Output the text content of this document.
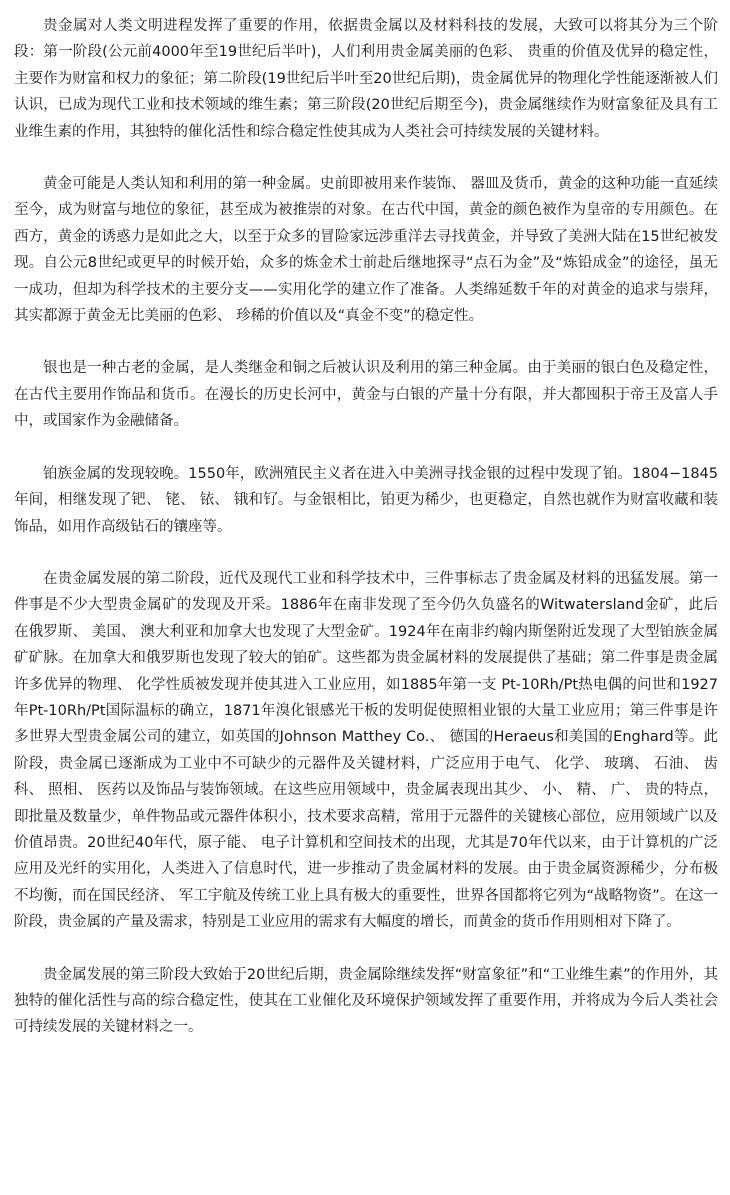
贵金属对人类文明进程发挥了重要的作用，依据贵金属以及材料科技的发展，大致可以将其分为三个阶段：第一阶段(公元前4000年至19世纪后半叶)，人们利用贵金属美丽的色彩、 贵重的价值及优异的稳定性，主要作为财富和权力的象征；第二阶段(19世纪后半叶至20世纪后期)，贵金属优异的物理化学性能逐渐被人们认识，已成为现代工业和技术领域的维生素；第三阶段(20世纪后期至今)，贵金属继续作为财富象征及具有工业维生素的作用，其独特的催化活性和综合稳定性使其成为人类社会可持续发展的关键材料。

黄金可能是人类认知和利用的第一种金属。史前即被用来作装饰、 器皿及货币，黄金的这种功能一直延续至今，成为财富与地位的象征，甚至成为被推崇的对象。在古代中国，黄金的颜色被作为皇帝的专用颜色。在西方，黄金的诱惑力是如此之大，以至于众多的冒险家远涉重洋去寻找黄金，并导致了美洲大陆在15世纪被发现。自公元8世纪或更早的时候开始，众多的炼金术士前赴后继地探寻“点石为金”及“炼铅成金”的途径，虽无一成功，但却为科学技术的主要分支——实用化学的建立作了准备。人类绵延数千年的对黄金的追求与崇拜，其实都源于黄金无比美丽的色彩、 珍稀的价值以及“真金不变”的稳定性。

银也是一种古老的金属，是人类继金和铜之后被认识及利用的第三种金属。由于美丽的银白色及稳定性，在古代主要用作饰品和货币。在漫长的历史长河中，黄金与白银的产量十分有限，并大都囤积于帝王及富人手中，或国家作为金融储备。

铂族金属的发现较晚。1550年，欧洲殖民主义者在进入中美洲寻找金银的过程中发现了铂。1804−1845年间，相继发现了钯、 铑、 铱、 锇和钌。与金银相比，铂更为稀少，也更稳定，自然也就作为财富收藏和装饰品，如用作高级钻石的镶座等。

在贵金属发展的第二阶段，近代及现代工业和科学技术中，三件事标志了贵金属及材料的迅猛发展。第一件事是不少大型贵金属矿的发现及开采。1886年在南非发现了至今仍久负盛名的Witwatersland金矿，此后在俄罗斯、 美国、 澳大利亚和加拿大也发现了大型金矿。1924年在南非约翰内斯堡附近发现了大型铂族金属矿矿脉。在加拿大和俄罗斯也发现了较大的铂矿。这些都为贵金属材料的发展提供了基础；第二件事是贵金属许多优异的物理、 化学性质被发现并使其进入工业应用，如1885年第一支 Pt-10Rh/Pt热电偶的问世和1927年Pt-10Rh/Pt国际温标的确立，1871年溴化银感光干板的发明促使照相业银的大量工业应用；第三件事是许多世界大型贵金属公司的建立，如英国的Johnson Matthey Co.、 德国的Heraeus和美国的Enghard等。此阶段，贵金属已逐渐成为工业中不可缺少的元器件及关键材料，广泛应用于电气、 化学、 玻璃、 石油、 齿科、 照相、 医药以及饰品与装饰领域。在这些应用领域中，贵金属表现出其少、 小、 精、 广、 贵的特点，即批量及数量少，单件物品或元器件体积小，技术要求高精，常用于元器件的关键核心部位，应用领域广以及价值昂贵。20世纪40年代，原子能、 电子计算机和空间技术的出现，尤其是70年代以来，由于计算机的广泛应用及光纤的实用化，人类进入了信息时代，进一步推动了贵金属材料的发展。由于贵金属资源稀少，分布极不均衡，而在国民经济、 军工宇航及传统工业上具有极大的重要性，世界各国都将它列为“战略物资”。在这一阶段，贵金属的产量及需求，特别是工业应用的需求有大幅度的增长，而黄金的货币作用则相对下降了。

贵金属发展的第三阶段大致始于20世纪后期，贵金属除继续发挥“财富象征”和“工业维生素”的作用外，其独特的催化活性与高的综合稳定性，使其在工业催化及环境保护领域发挥了重要作用，并将成为今后人类社会可持续发展的关键材料之一。
